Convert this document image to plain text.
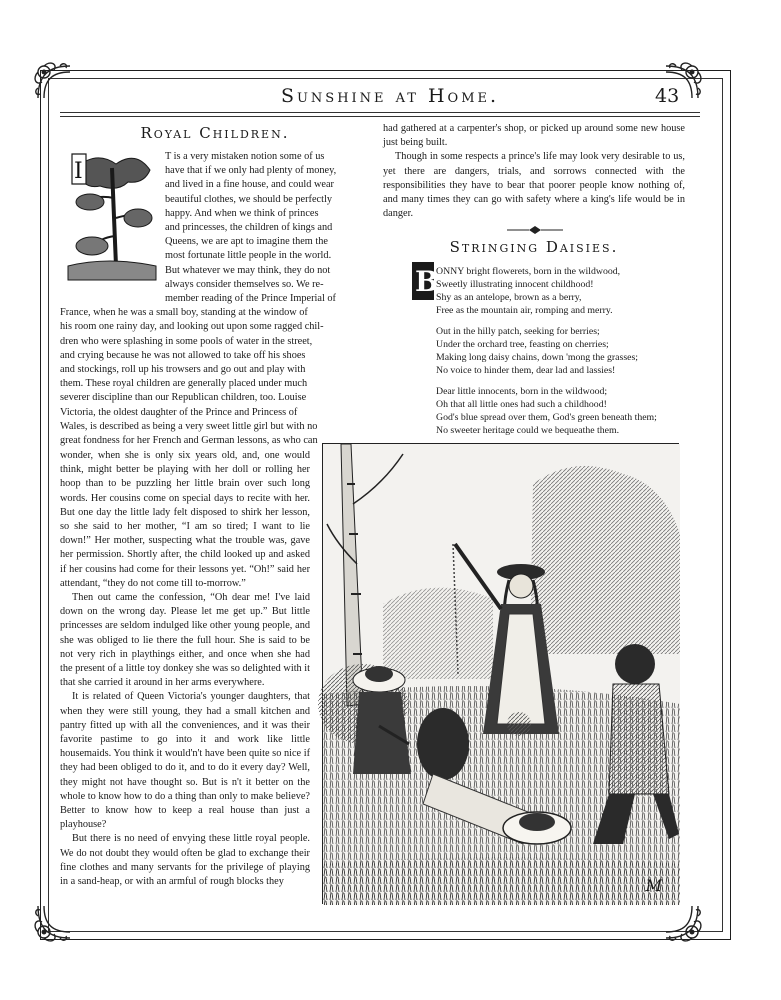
Sunshine at Home.	43
Royal Children.
I
T is a very mistaken notion some of us
have that if we only had plenty of money,
and lived in a fine house, and could wear
beautiful clothes, we should be perfectly
happy. And when we think of princes
and princesses, the children of kings and
Queens, we are apt to imagine them the
most fortunate little people in the world.
But whatever we may think, they do not
always consider themselves so. We re-
member reading of the Prince Imperial of
France, when he was a small boy, standing at the window of
his room one rainy day, and looking out upon some ragged chil-
dren who were splashing in some pools of water in the street,
and crying because he was not allowed to take off his shoes
and stockings, roll up his trowsers and go out and play with
them. These royal children are generally placed under much
severer discipline than our Republican children, too. Louise
Victoria, the oldest daughter of the Prince and Princess of
Wales, is described as being a very sweet little girl but with no
great fondness for her French and German lessons, as who can

wonder, when she is only six years old, and, one would think, might better be playing with her doll or rolling her hoop than to be puzzling her little brain over such long words. Her cousins come on special days to recite with her. But one day the little lady felt disposed to shirk her lesson, so she said to her mother, “I am so tired; I want to lie down!” Her mother, suspecting what the trouble was, gave her permission. Shortly after, the child looked up and asked if her cousins had come for their lessons yet. “Oh!” said her attendant, “they do not come till to-morrow.”

Then out came the confession, “Oh dear me! I've laid down on the wrong day. Please let me get up.” But little princesses are seldom indulged like other young people, and she was obliged to lie there the full hour. She is said to be not very rich in playthings either, and once when she had the present of a little toy donkey she was so delighted with it that she carried it around in her arms everywhere.

It is related of Queen Victoria's younger daughters, that when they were still young, they had a small kitchen and pantry fitted up with all the conveniences, and it was their favorite pastime to go into it and work like little housemaids. You think it would'n't have been quite so nice if they had been obliged to do it, and to do it every day? Well, they might not have thought so. But is n't it better on the whole to know how to do a thing than only to make believe? Better to know how to keep a real house than just a playhouse?

But there is no need of envying these little royal people. We do not doubt they would often be glad to exchange their fine clothes and many servants for the privilege of playing in a sand-heap, or with an armful of rough blocks they

had gathered at a carpenter's shop, or picked up around some new house just being built.

Though in some respects a prince's life may look very desirable to us, yet there are dangers, trials, and sorrows connected with the responsibilities they have to bear that poorer people know nothing of, and many times they can go with safety where a king's life would be in danger.

Stringing Daisies.
B
ONNY bright flowerets, born in the wildwood,
Sweetly illustrating innocent childhood!
Shy as an antelope, brown as a berry,
Free as the mountain air, romping and merry.
Out in the hilly patch, seeking for berries;
Under the orchard tree, feasting on cherries;
Making long daisy chains, down 'mong the grasses;
No voice to hinder them, dear lad and lassies!
Dear little innocents, born in the wildwood;
Oh that all little ones had such a childhood!
God's blue spread over them, God's green beneath them;
No sweeter heritage could we bequeathe them.
M
